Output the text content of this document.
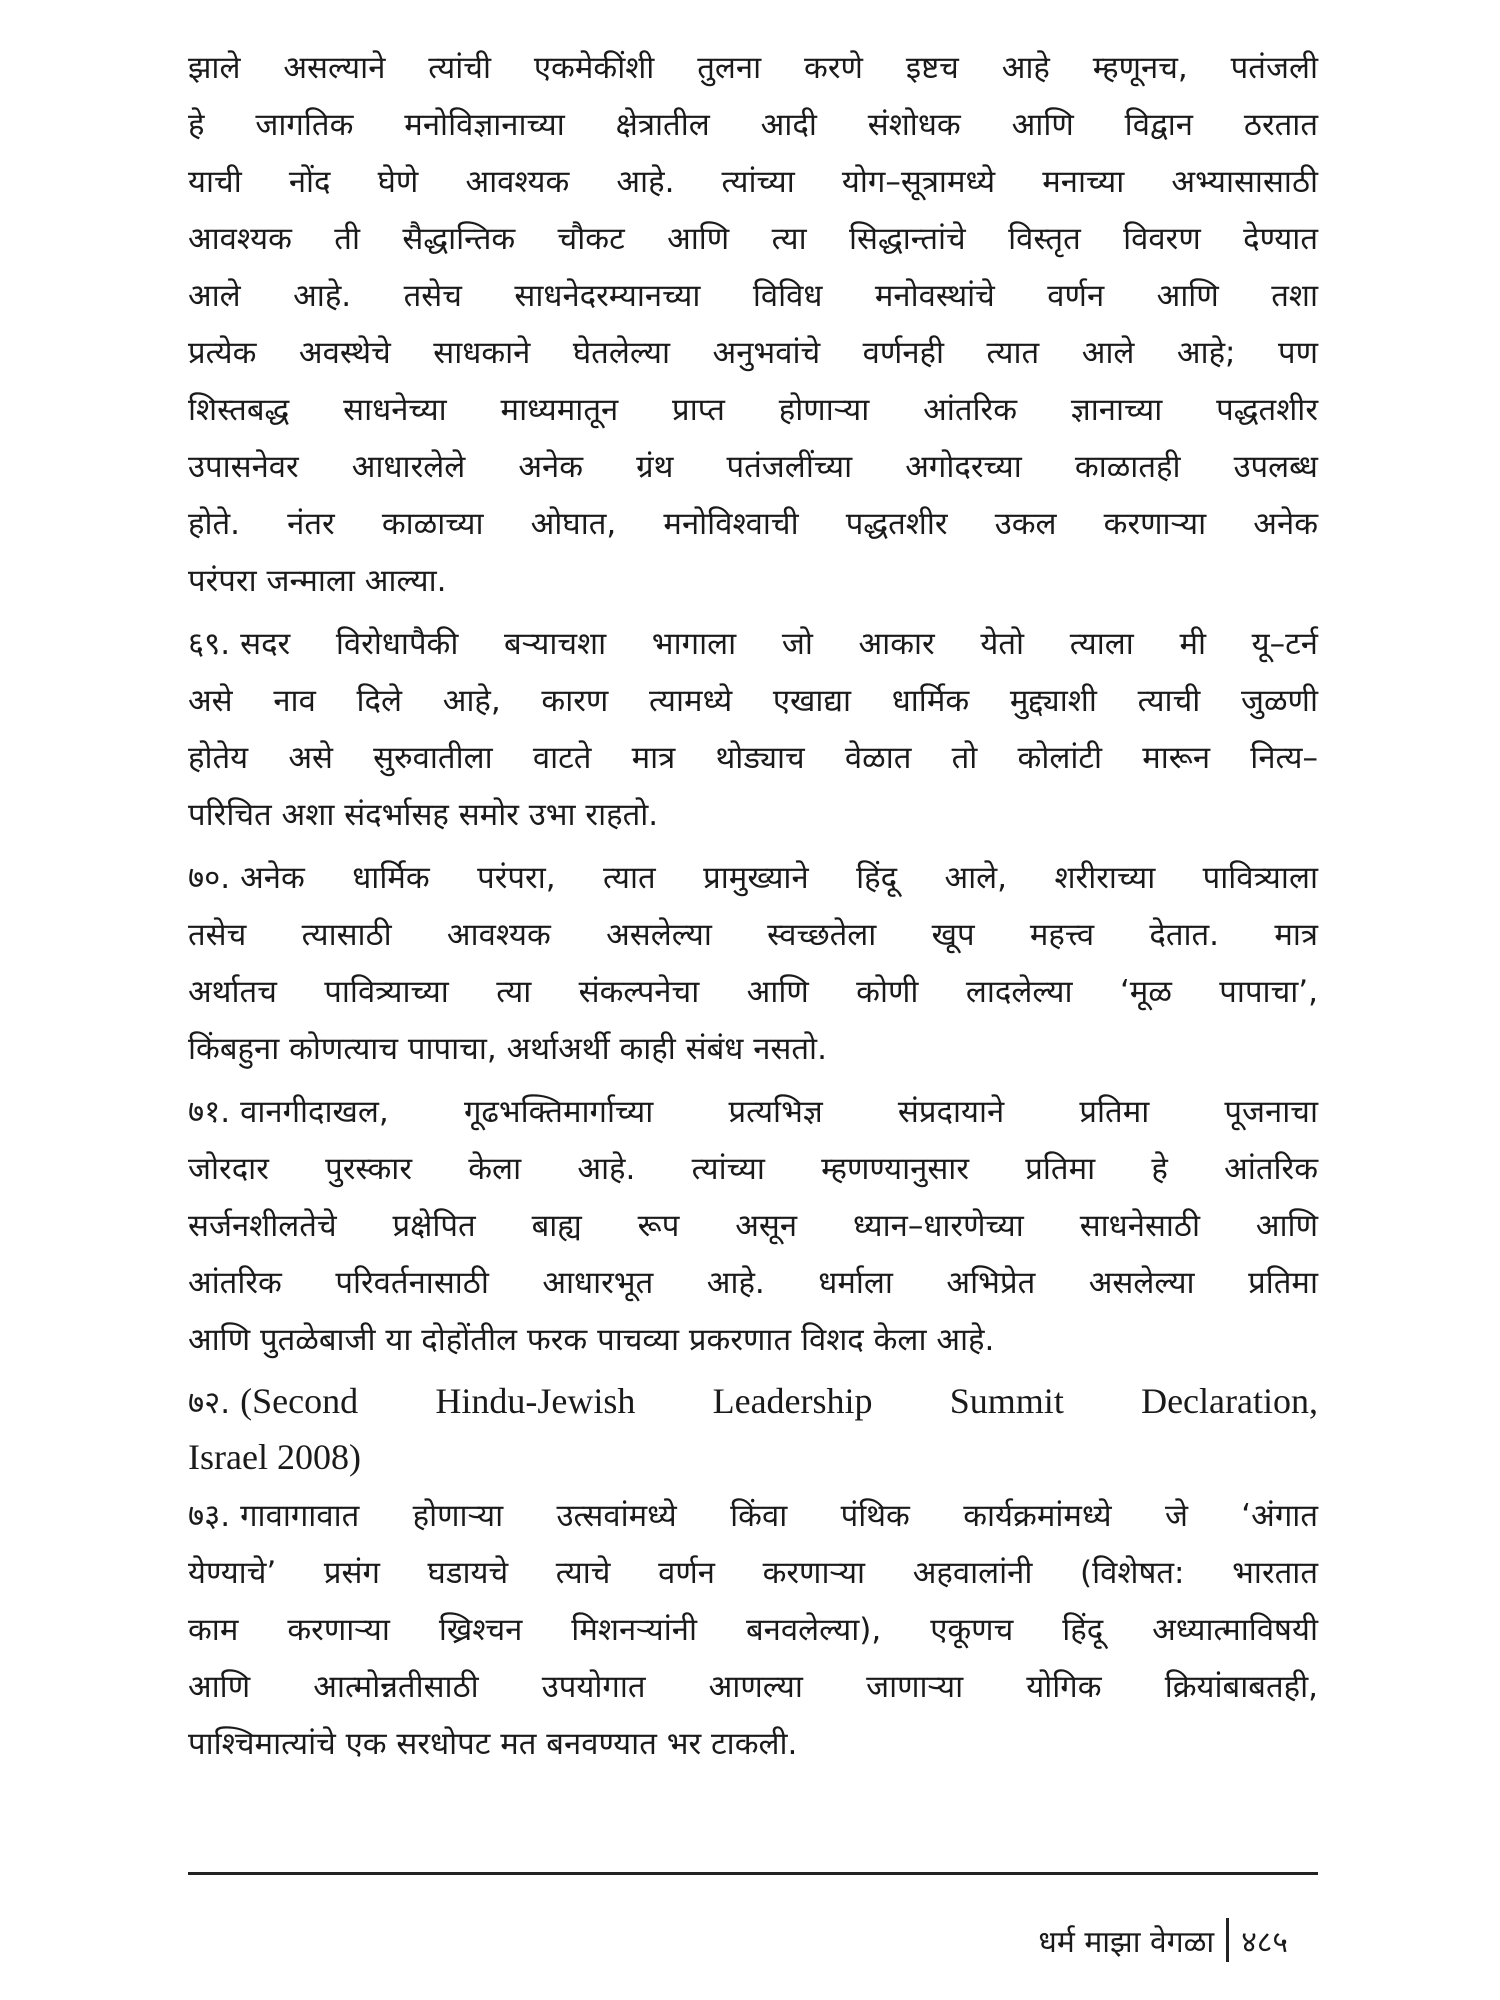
झाले असल्याने त्यांची एकमेकींशी तुलना करणे इष्टच आहे म्हणूनच, पतंजली
हे जागतिक मनोविज्ञानाच्या क्षेत्रातील आदी संशोधक आणि विद्वान ठरतात
याची नोंद घेणे आवश्यक आहे. त्यांच्या योग–सूत्रामध्ये मनाच्या अभ्यासासाठी
आवश्यक ती सैद्धान्तिक चौकट आणि त्या सिद्धान्तांचे विस्तृत विवरण देण्यात
आले आहे. तसेच साधनेदरम्यानच्या विविध मनोवस्थांचे वर्णन आणि तशा
प्रत्येक अवस्थेचे साधकाने घेतलेल्या अनुभवांचे वर्णनही त्यात आले आहे; पण
शिस्तबद्ध साधनेच्या माध्यमातून प्राप्त होणाऱ्या आंतरिक ज्ञानाच्या पद्धतशीर
उपासनेवर आधारलेले अनेक ग्रंथ पतंजलींच्या अगोदरच्या काळातही उपलब्ध
होते. नंतर काळाच्या ओघात, मनोविश्वाची पद्धतशीर उकल करणाऱ्या अनेक
परंपरा जन्माला आल्या.
६९. सदर विरोधापैकी बऱ्याचशा भागाला जो आकार येतो त्याला मी यू–टर्न
असे नाव दिले आहे, कारण त्यामध्ये एखाद्या धार्मिक मुद्द्याशी त्याची जुळणी
होतेय असे सुरुवातीला वाटते मात्र थोड्याच वेळात तो कोलांटी मारून नित्य–
परिचित अशा संदर्भासह समोर उभा राहतो.
७०. अनेक धार्मिक परंपरा, त्यात प्रामुख्याने हिंदू आले, शरीराच्या पावित्र्याला
तसेच त्यासाठी आवश्यक असलेल्या स्वच्छतेला खूप महत्त्व देतात. मात्र
अर्थातच पावित्र्याच्या त्या संकल्पनेचा आणि कोणी लादलेल्या ‘मूळ पापाचा’,
किंबहुना कोणत्याच पापाचा, अर्थाअर्थी काही संबंध नसतो.
७१. वानगीदाखल, गूढभक्तिमार्गाच्या प्रत्यभिज्ञ संप्रदायाने प्रतिमा पूजनाचा
जोरदार पुरस्कार केला आहे. त्यांच्या म्हणण्यानुसार प्रतिमा हे आंतरिक
सर्जनशीलतेचे प्रक्षेपित बाह्य रूप असून ध्यान–धारणेच्या साधनेसाठी आणि
आंतरिक परिवर्तनासाठी आधारभूत आहे. धर्माला अभिप्रेत असलेल्या प्रतिमा
आणि पुतळेबाजी या दोहोंतील फरक पाचव्या प्रकरणात विशद केला आहे.
७२. (Second Hindu-Jewish Leadership Summit Declaration,
Israel 2008)
७३. गावागावात होणाऱ्या उत्सवांमध्ये किंवा पंथिक कार्यक्रमांमध्ये जे ‘अंगात
येण्याचे’ प्रसंग घडायचे त्याचे वर्णन करणाऱ्या अहवालांनी (विशेषत: भारतात
काम करणाऱ्या ख्रिश्चन मिशनऱ्यांनी बनवलेल्या), एकूणच हिंदू अध्यात्माविषयी
आणि आत्मोन्नतीसाठी उपयोगात आणल्या जाणाऱ्या योगिक क्रियांबाबतही,
पाश्चिमात्यांचे एक सरधोपट मत बनवण्यात भर टाकली.
धर्म माझा वेगळा ४८५
